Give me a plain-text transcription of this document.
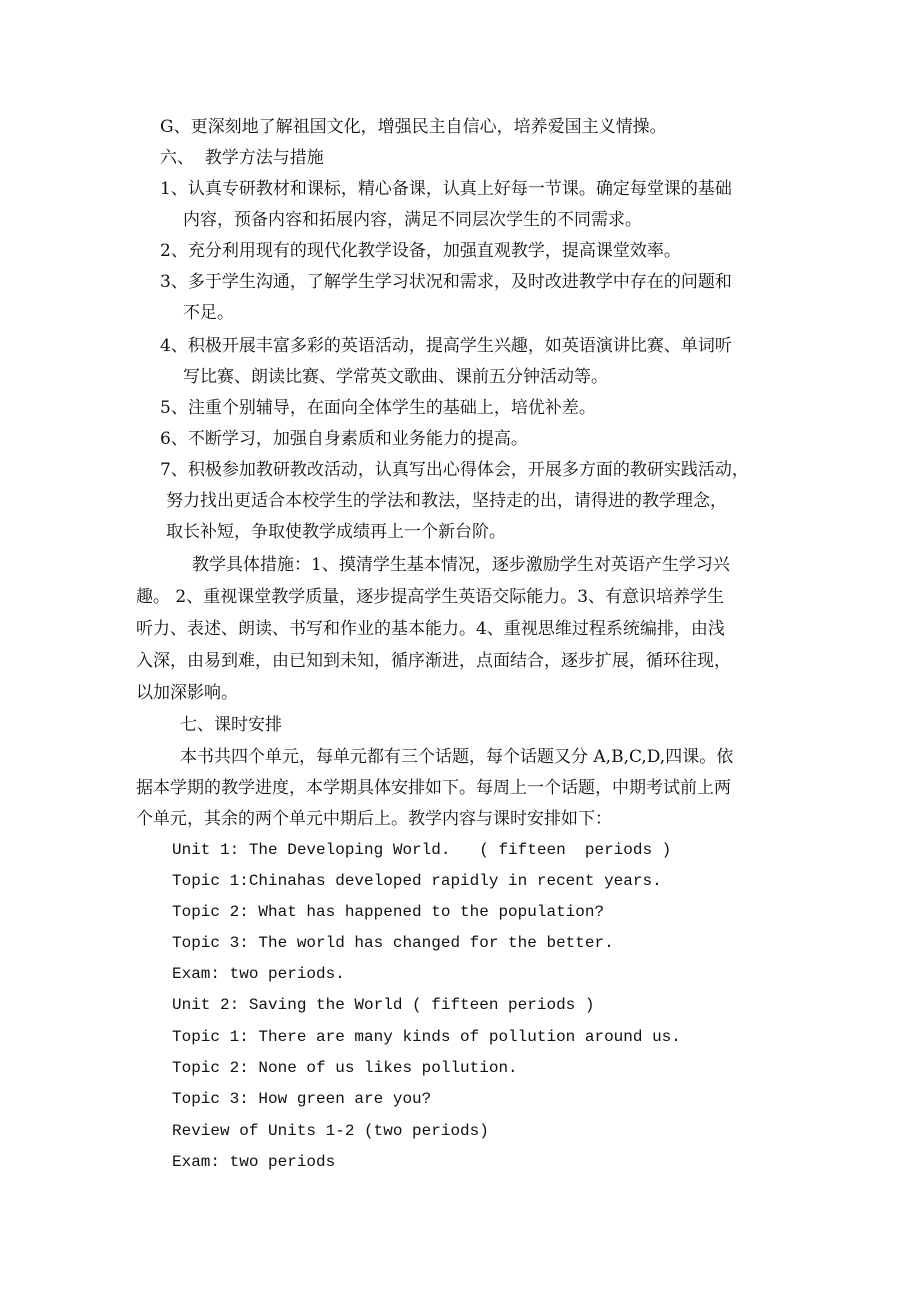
G、更深刻地了解祖国文化，增强民主自信心，培养爱国主义情操。
六、  教学方法与措施
1、认真专研教材和课标，精心备课，认真上好每一节课。确定每堂课的基础
内容，预备内容和拓展内容，满足不同层次学生的不同需求。
2、充分利用现有的现代化教学设备，加强直观教学，提高课堂效率。
3、多于学生沟通，了解学生学习状况和需求，及时改进教学中存在的问题和
不足。
4、积极开展丰富多彩的英语活动，提高学生兴趣，如英语演讲比赛、单词听
写比赛、朗读比赛、学常英文歌曲、课前五分钟活动等。
5、注重个别辅导，在面向全体学生的基础上，培优补差。
6、不断学习，加强自身素质和业务能力的提高。
7、积极参加教研教改活动，认真写出心得体会，开展多方面的教研实践活动，
努力找出更适合本校学生的学法和教法，坚持走的出，请得进的教学理念，
取长补短，争取使教学成绩再上一个新台阶。
教学具体措施：1、摸清学生基本情况，逐步激励学生对英语产生学习兴
趣。 2、重视课堂教学质量，逐步提高学生英语交际能力。3、有意识培养学生
听力、表述、朗读、书写和作业的基本能力。4、重视思维过程系统编排，由浅
入深，由易到难，由已知到未知，循序渐进，点面结合，逐步扩展，循环往现，
以加深影响。
七、课时安排
本书共四个单元，每单元都有三个话题，每个话题又分 A,B,C,D,四课。依
据本学期的教学进度，本学期具体安排如下。每周上一个话题，中期考试前上两
个单元，其余的两个单元中期后上。教学内容与课时安排如下：
Unit 1: The Developing World.   ( fifteen  periods )
Topic 1:Chinahas developed rapidly in recent years.
Topic 2: What has happened to the population?
Topic 3: The world has changed for the better.
Exam: two periods.
Unit 2: Saving the World ( fifteen periods )
Topic 1: There are many kinds of pollution around us.
Topic 2: None of us likes pollution.
Topic 3: How green are you?
Review of Units 1-2 (two periods)
Exam: two periods
